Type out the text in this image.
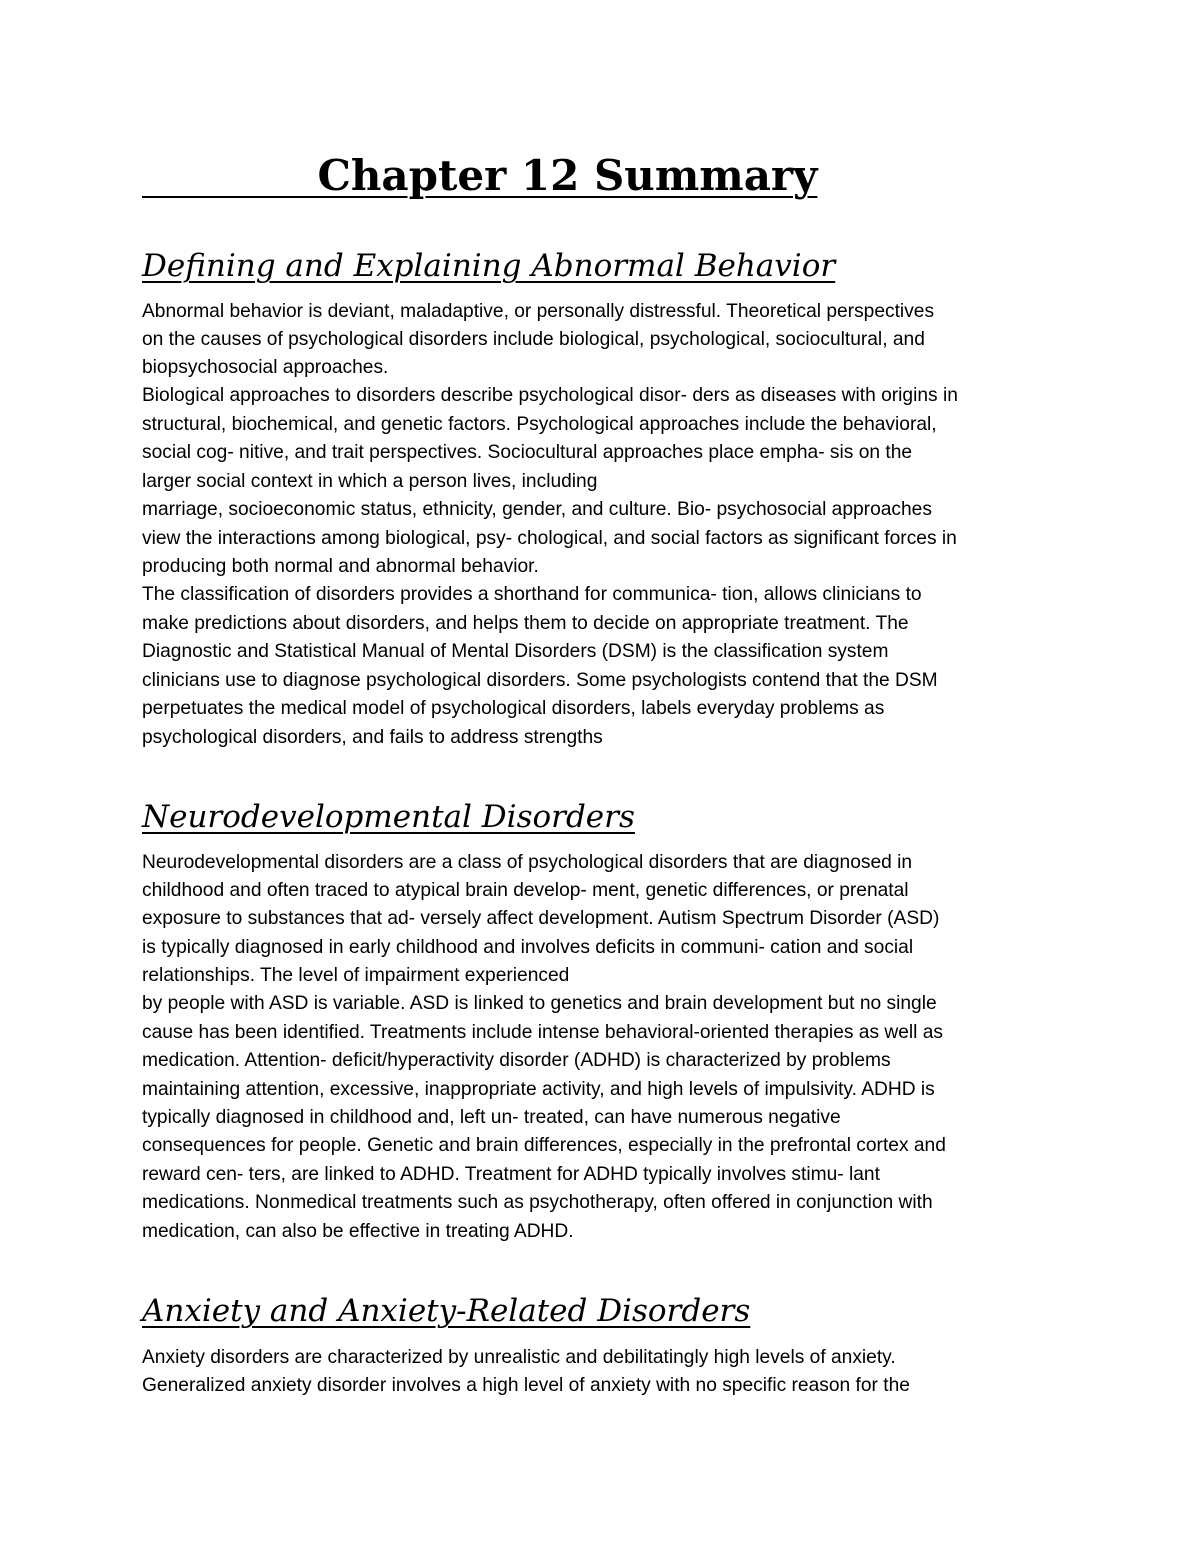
Chapter 12 Summary
Defining and Explaining Abnormal Behavior

Abnormal behavior is deviant, maladaptive, or personally distressful. Theoretical perspectives

on the causes of psychological disorders include biological, psychological, sociocultural, and

biopsychosocial approaches.

Biological approaches to disorders describe psychological disor- ders as diseases with origins in

structural, biochemical, and genetic factors. Psychological approaches include the behavioral,

social cog- nitive, and trait perspectives. Sociocultural approaches place empha- sis on the

larger social context in which a person lives, including

marriage, socioeconomic status, ethnicity, gender, and culture. Bio- psychosocial approaches

view the interactions among biological, psy- chological, and social factors as significant forces in

producing both normal and abnormal behavior.

The classification of disorders provides a shorthand for communica- tion, allows clinicians to

make predictions about disorders, and helps them to decide on appropriate treatment. The

Diagnostic and Statistical Manual of Mental Disorders (DSM) is the classification system

clinicians use to diagnose psychological disorders. Some psychologists contend that the DSM

perpetuates the medical model of psychological disorders, labels everyday problems as

psychological disorders, and fails to address strengths

Neurodevelopmental Disorders

Neurodevelopmental disorders are a class of psychological disorders that are diagnosed in

childhood and often traced to atypical brain develop- ment, genetic differences, or prenatal

exposure to substances that ad- versely affect development. Autism Spectrum Disorder (ASD)

is typically diagnosed in early childhood and involves deficits in communi- cation and social

relationships. The level of impairment experienced

by people with ASD is variable. ASD is linked to genetics and brain development but no single

cause has been identified. Treatments include intense behavioral-oriented therapies as well as

medication. Attention- deficit/hyperactivity disorder (ADHD) is characterized by problems

maintaining attention, excessive, inappropriate activity, and high levels of impulsivity. ADHD is

typically diagnosed in childhood and, left un- treated, can have numerous negative

consequences for people. Genetic and brain differences, especially in the prefrontal cortex and

reward cen- ters, are linked to ADHD. Treatment for ADHD typically involves stimu- lant

medications. Nonmedical treatments such as psychotherapy, often offered in conjunction with

medication, can also be effective in treating ADHD.

Anxiety and Anxiety-Related Disorders

Anxiety disorders are characterized by unrealistic and debilitatingly high levels of anxiety.

Generalized anxiety disorder involves a high level of anxiety with no specific reason for the
